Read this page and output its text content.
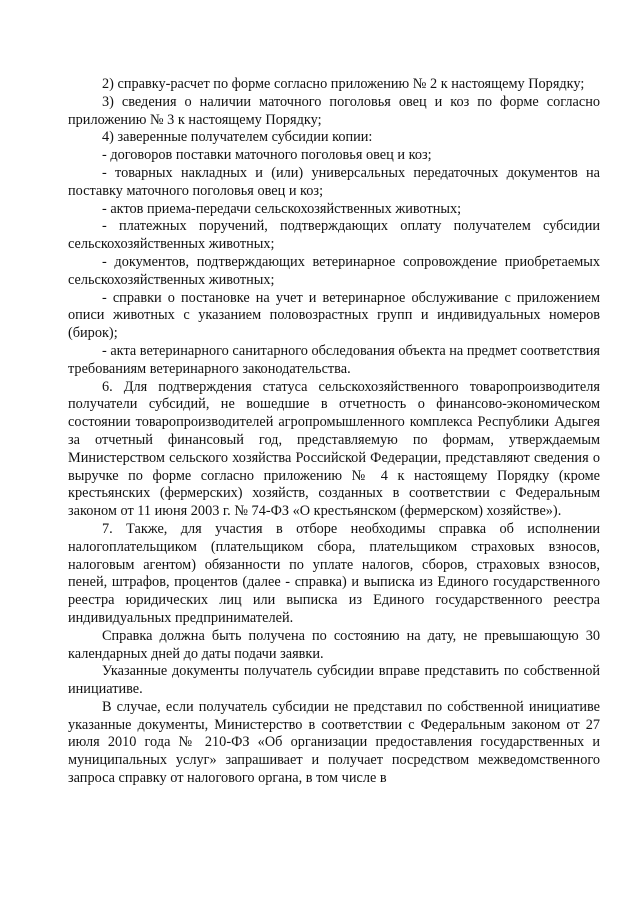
2) справку-расчет по форме согласно приложению № 2 к настоящему Порядку;

3) сведения о наличии маточного поголовья овец и коз по форме согласно приложению № 3 к настоящему Порядку;

4) заверенные получателем субсидии копии:

- договоров поставки маточного поголовья овец и коз;

- товарных накладных и (или) универсальных передаточных документов на поставку маточного поголовья овец и коз;

- актов приема-передачи сельскохозяйственных животных;

- платежных поручений, подтверждающих оплату получателем субсидии сельскохозяйственных животных;

- документов, подтверждающих ветеринарное сопровождение приобретаемых сельскохозяйственных животных;

- справки о постановке на учет и ветеринарное обслуживание с приложением описи животных с указанием половозрастных групп и индивидуальных номеров (бирок);

- акта ветеринарного санитарного обследования объекта на предмет соответствия требованиям ветеринарного законодательства.

6. Для подтверждения статуса сельскохозяйственного товаропроизводителя получатели субсидий, не вошедшие в отчетность о финансово-экономическом состоянии товаропроизводителей агропромышленного комплекса Республики Адыгея за отчетный финансовый год, представляемую по формам, утверждаемым Министерством сельского хозяйства Российской Федерации, представляют сведения о выручке по форме согласно приложению № 4 к настоящему Порядку (кроме крестьянских (фермерских) хозяйств, созданных в соответствии с Федеральным законом от 11 июня 2003 г. № 74-ФЗ «О крестьянском (фермерском) хозяйстве»).

7. Также, для участия в отборе необходимы справка об исполнении налогоплательщиком (плательщиком сбора, плательщиком страховых взносов, налоговым агентом) обязанности по уплате налогов, сборов, страховых взносов, пеней, штрафов, процентов (далее - справка) и выписка из Единого государственного реестра юридических лиц или выписка из Единого государственного реестра индивидуальных предпринимателей.

Справка должна быть получена по состоянию на дату, не превышающую 30 календарных дней до даты подачи заявки.

Указанные документы получатель субсидии вправе представить по собственной инициативе.

В случае, если получатель субсидии не представил по собственной инициативе указанные документы, Министерство в соответствии с Федеральным законом от 27 июля 2010 года № 210-ФЗ «Об организации предоставления государственных и муниципальных услуг» запрашивает и получает посредством межведомственного запроса справку от налогового органа, в том числе в
